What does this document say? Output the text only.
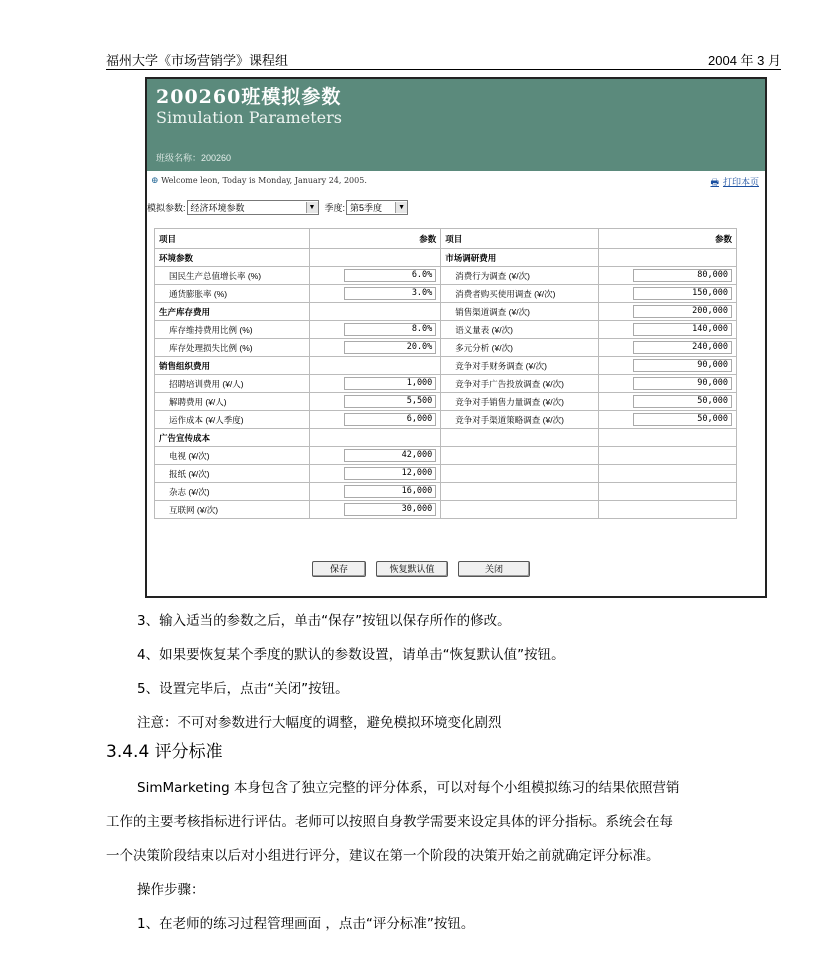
福州大学《市场营销学》课程组	2004 年 3 月
200260班模拟参数
Simulation Parameters
班级名称：200260
⊕ Welcome leon, Today is Monday, January 24, 2005.	🖶 打印本页
模拟参数: 经济环境参数	▼ 季度: 第5季度	▼
项目	参数	项目	参数
环境参数		市场调研费用	
国民生产总值增长率 (%)	6.0%	消费行为调查 (¥/次)	80,000

通货膨胀率 (%)	3.0%	消费者购买使用调查 (¥/次)	150,000

生产库存费用		销售渠道调查 (¥/次)	200,000

库存维持费用比例 (%)	8.0%	语义量表 (¥/次)	140,000

库存处理损失比例 (%)	20.0%	多元分析 (¥/次)	240,000

销售组织费用		竞争对手财务调查 (¥/次)	90,000

招聘培训费用 (¥/人)	1,000	竞争对手广告投放调查 (¥/次)	90,000

解聘费用 (¥/人)	5,500	竞争对手销售力量调查 (¥/次)	50,000

运作成本 (¥/人季度)	6,000	竞争对手渠道策略调查 (¥/次)	50,000

广告宣传成本			
电视 (¥/次)	42,000		

报纸 (¥/次)	12,000		

杂志 (¥/次)	16,000		

互联网 (¥/次)	30,000		

保存	恢复默认值	关闭
3、输入适当的参数之后，单击“保存”按钮以保存所作的修改。
4、如果要恢复某个季度的默认的参数设置，请单击“恢复默认值”按钮。
5、设置完毕后，点击“关闭”按钮。
注意：不可对参数进行大幅度的调整，避免模拟环境变化剧烈
3.4.4 评分标准
SimMarketing 本身包含了独立完整的评分体系，可以对每个小组模拟练习的结果依照营销
工作的主要考核指标进行评估。老师可以按照自身教学需要来设定具体的评分指标。系统会在每
一个决策阶段结束以后对小组进行评分，建议在第一个阶段的决策开始之前就确定评分标准。
操作步骤：
1、在老师的练习过程管理画面 ，点击“评分标准”按钮。
